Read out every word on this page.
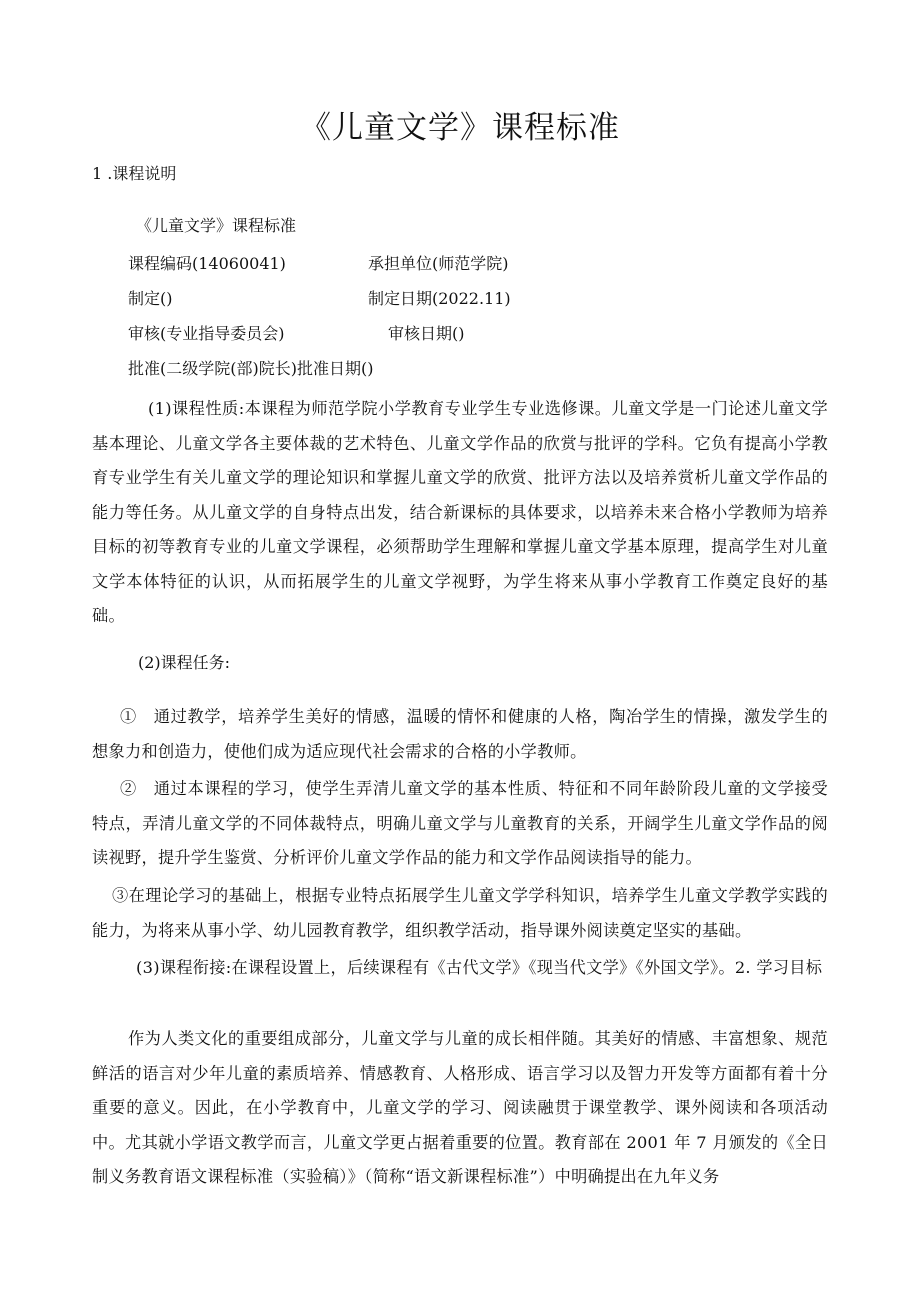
《儿童文学》课程标准
1 .课程说明
《儿童文学》课程标准
课程编码(14060041)	承担单位(师范学院)
制定()	制定日期(2022.11)
审核(专业指导委员会)	审核日期()
批准(二级学院(部)院长)批准日期()
(1)课程性质:本课程为师范学院小学教育专业学生专业选修课。儿童文学是一门论述儿童文学基本理论、儿童文学各主要体裁的艺术特色、儿童文学作品的欣赏与批评的学科。它负有提高小学教育专业学生有关儿童文学的理论知识和掌握儿童文学的欣赏、批评方法以及培养赏析儿童文学作品的能力等任务。从儿童文学的自身特点出发，结合新课标的具体要求，以培养未来合格小学教师为培养目标的初等教育专业的儿童文学课程，必须帮助学生理解和掌握儿童文学基本原理，提高学生对儿童文学本体特征的认识，从而拓展学生的儿童文学视野，为学生将来从事小学教育工作奠定良好的基础。
(2)课程任务:
①　通过教学，培养学生美好的情感，温暖的情怀和健康的人格，陶冶学生的情操，激发学生的想象力和创造力，使他们成为适应现代社会需求的合格的小学教师。
②　通过本课程的学习，使学生弄清儿童文学的基本性质、特征和不同年龄阶段儿童的文学接受特点，弄清儿童文学的不同体裁特点，明确儿童文学与儿童教育的关系，开阔学生儿童文学作品的阅读视野，提升学生鉴赏、分析评价儿童文学作品的能力和文学作品阅读指导的能力。
③在理论学习的基础上，根据专业特点拓展学生儿童文学学科知识，培养学生儿童文学教学实践的能力，为将来从事小学、幼儿园教育教学，组织教学活动，指导课外阅读奠定坚实的基础。
(3)课程衔接:在课程设置上，后续课程有《古代文学》《现当代文学》《外国文学》。2. 学习目标
作为人类文化的重要组成部分，儿童文学与儿童的成长相伴随。其美好的情感、丰富想象、规范鲜活的语言对少年儿童的素质培养、情感教育、人格形成、语言学习以及智力开发等方面都有着十分重要的意义。因此，在小学教育中，儿童文学的学习、阅读融贯于课堂教学、课外阅读和各项活动中。尤其就小学语文教学而言，儿童文学更占据着重要的位置。教育部在 2001 年 7 月颁发的《全日制义务教育语文课程标准（实验稿）》（简称“语文新课程标准”）中明确提出在九年义务
